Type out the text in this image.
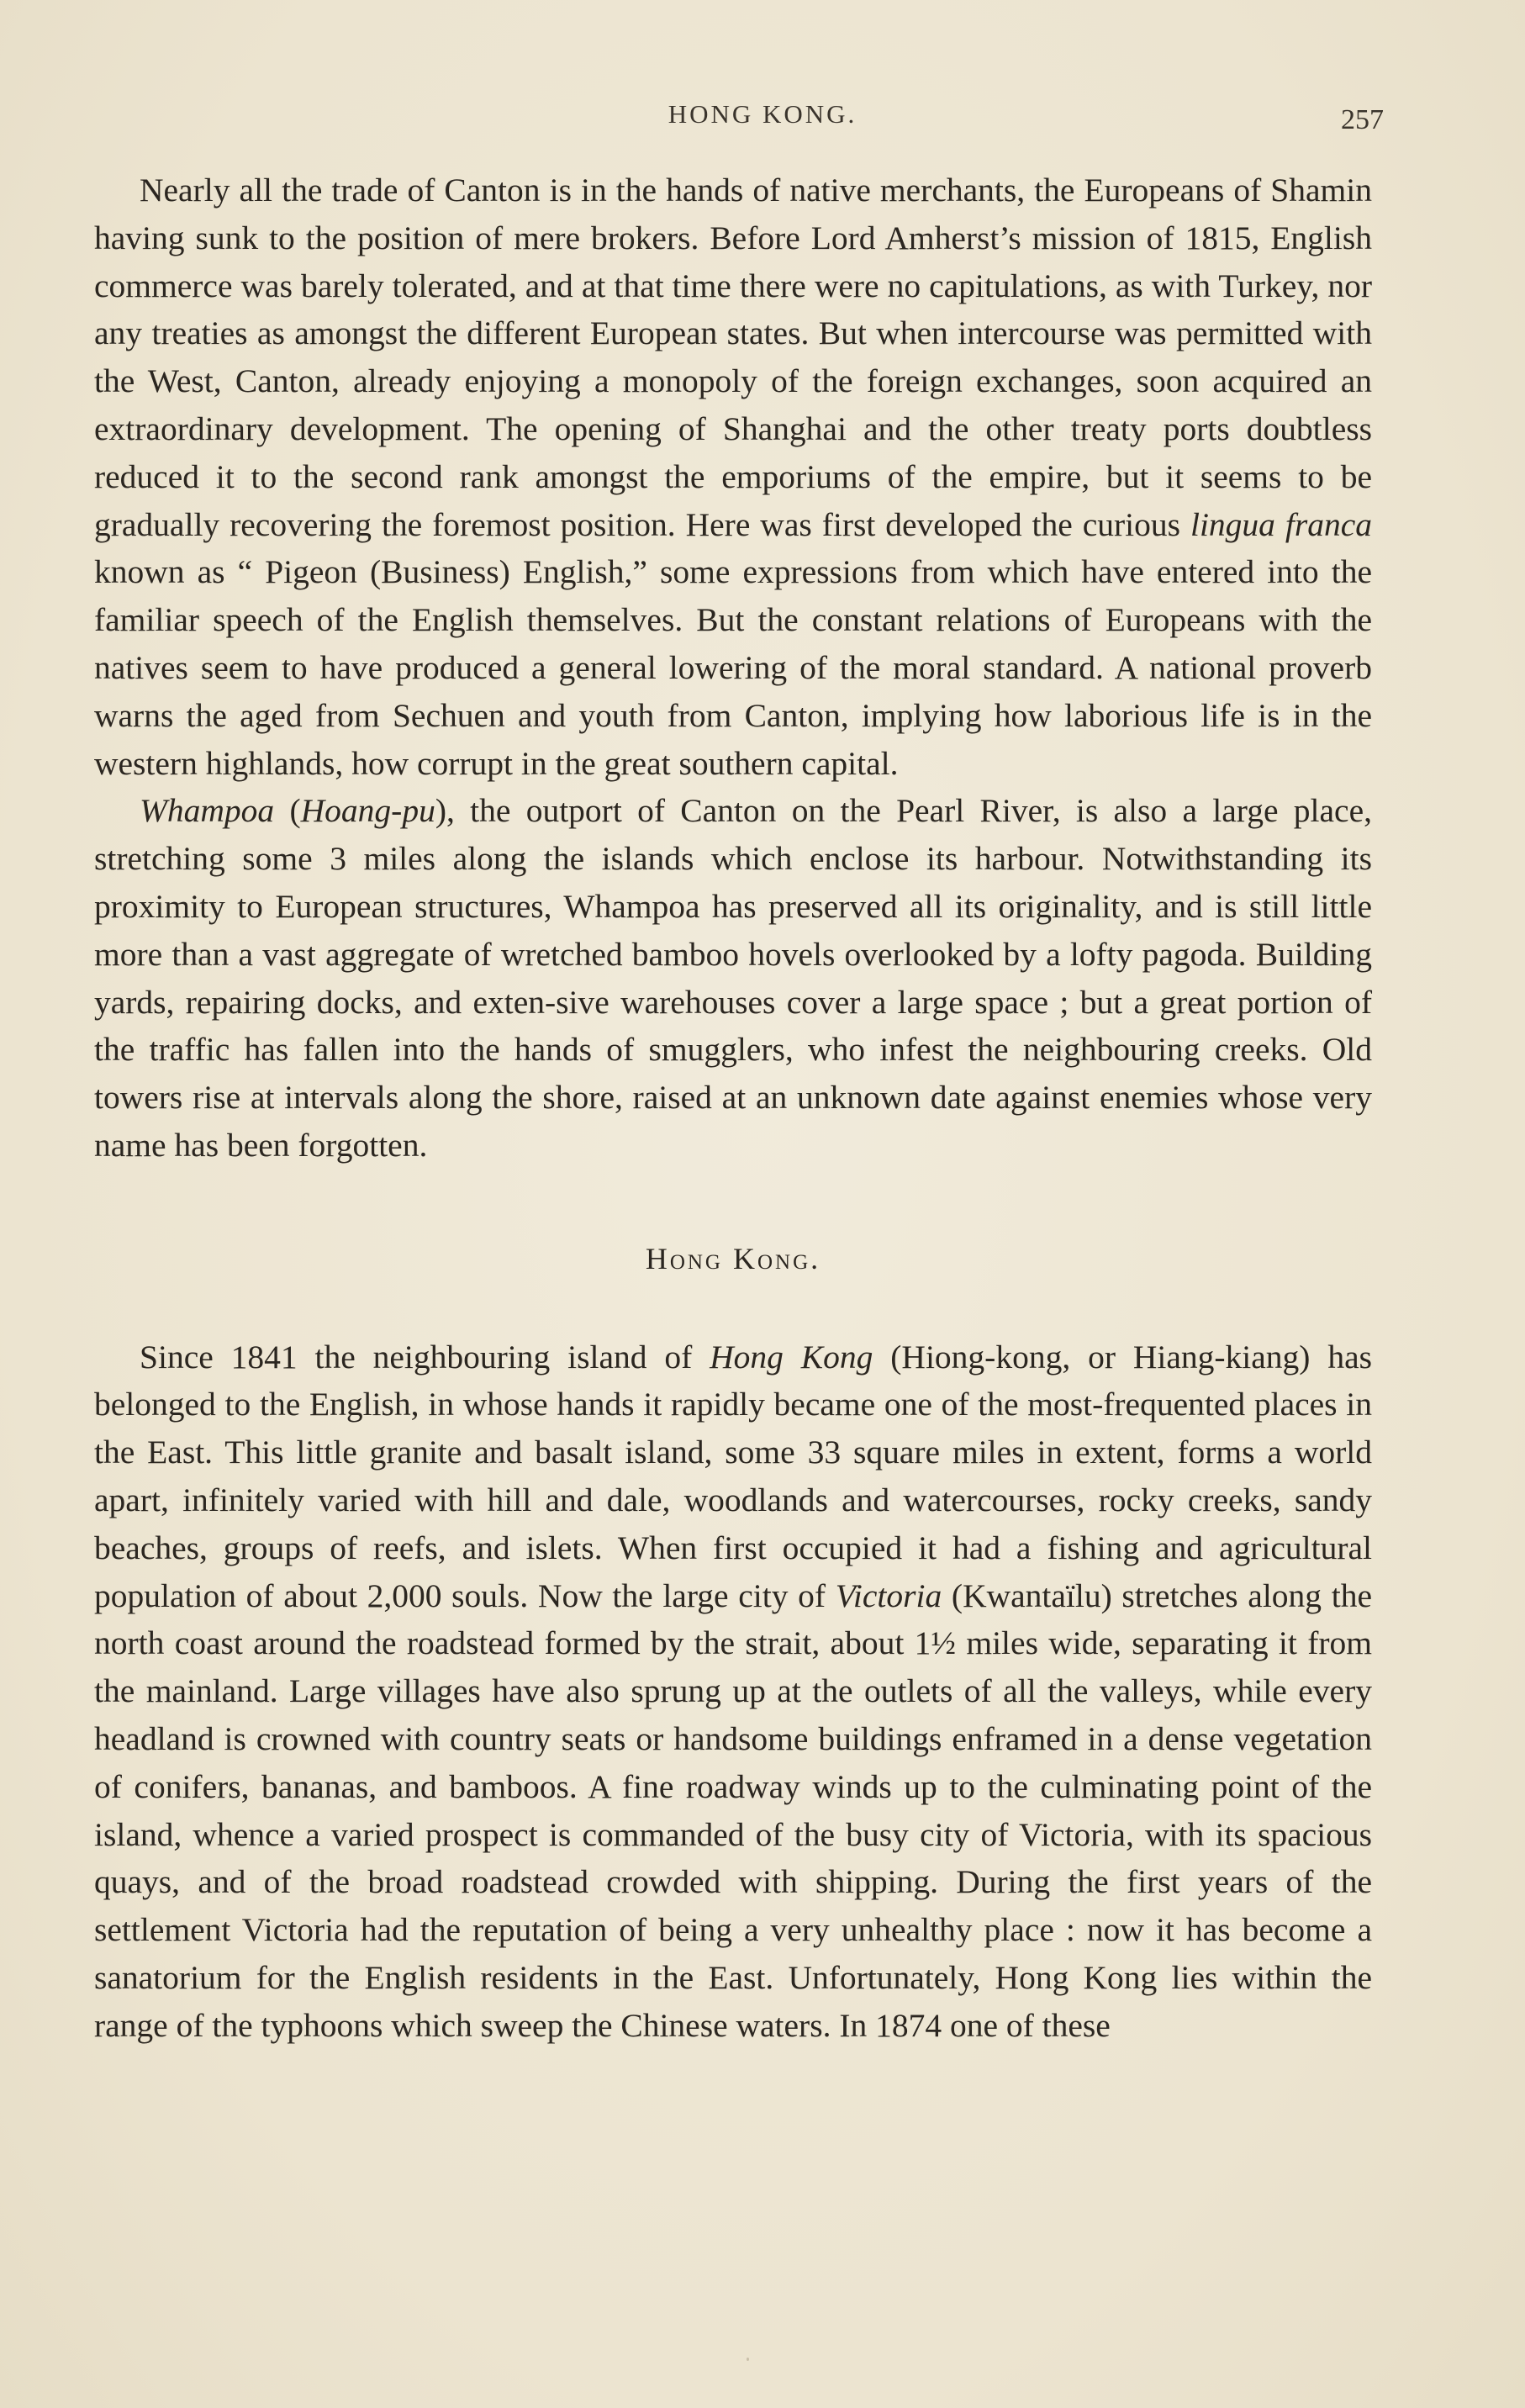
HONG KONG.	257

Nearly all the trade of Canton is in the hands of native merchants, the Europeans of Shamin having sunk to the position of mere brokers. Before Lord Amherst’s mission of 1815, English commerce was barely tolerated, and at that time there were no capitulations, as with Turkey, nor any treaties as amongst the different European states. But when intercourse was permitted with the West, Canton, already enjoying a monopoly of the foreign exchanges, soon acquired an extraordinary development. The opening of Shanghai and the other treaty ports doubtless reduced it to the second rank amongst the emporiums of the empire, but it seems to be gradually recovering the foremost position. Here was first developed the curious lingua franca known as “ Pigeon (Business) English,” some expressions from which have entered into the familiar speech of the English themselves. But the constant relations of Europeans with the natives seem to have produced a general lowering of the moral standard. A national proverb warns the aged from Sechuen and youth from Canton, implying how laborious life is in the western highlands, how corrupt in the great southern capital.

Whampoa (Hoang-pu), the outport of Canton on the Pearl River, is also a large place, stretching some 3 miles along the islands which enclose its harbour. Notwithstanding its proximity to European structures, Whampoa has preserved all its originality, and is still little more than a vast aggregate of wretched bamboo hovels overlooked by a lofty pagoda. Building yards, repairing docks, and exten-sive warehouses cover a large space ; but a great portion of the traffic has fallen into the hands of smugglers, who infest the neighbouring creeks. Old towers rise at intervals along the shore, raised at an unknown date against enemies whose very name has been forgotten.

Hong Kong.

Since 1841 the neighbouring island of Hong Kong (Hiong-kong, or Hiang-kiang) has belonged to the English, in whose hands it rapidly became one of the most-frequented places in the East. This little granite and basalt island, some 33 square miles in extent, forms a world apart, infinitely varied with hill and dale, woodlands and watercourses, rocky creeks, sandy beaches, groups of reefs, and islets. When first occupied it had a fishing and agricultural population of about 2,000 souls. Now the large city of Victoria (Kwantaïlu) stretches along the north coast around the roadstead formed by the strait, about 1½ miles wide, separating it from the mainland. Large villages have also sprung up at the outlets of all the valleys, while every headland is crowned with country seats or handsome buildings enframed in a dense vegetation of conifers, bananas, and bamboos. A fine roadway winds up to the culminating point of the island, whence a varied prospect is commanded of the busy city of Victoria, with its spacious quays, and of the broad roadstead crowded with shipping. During the first years of the settlement Victoria had the reputation of being a very unhealthy place : now it has become a sanatorium for the English residents in the East. Unfortunately, Hong Kong lies within the range of the typhoons which sweep the Chinese waters. In 1874 one of these
